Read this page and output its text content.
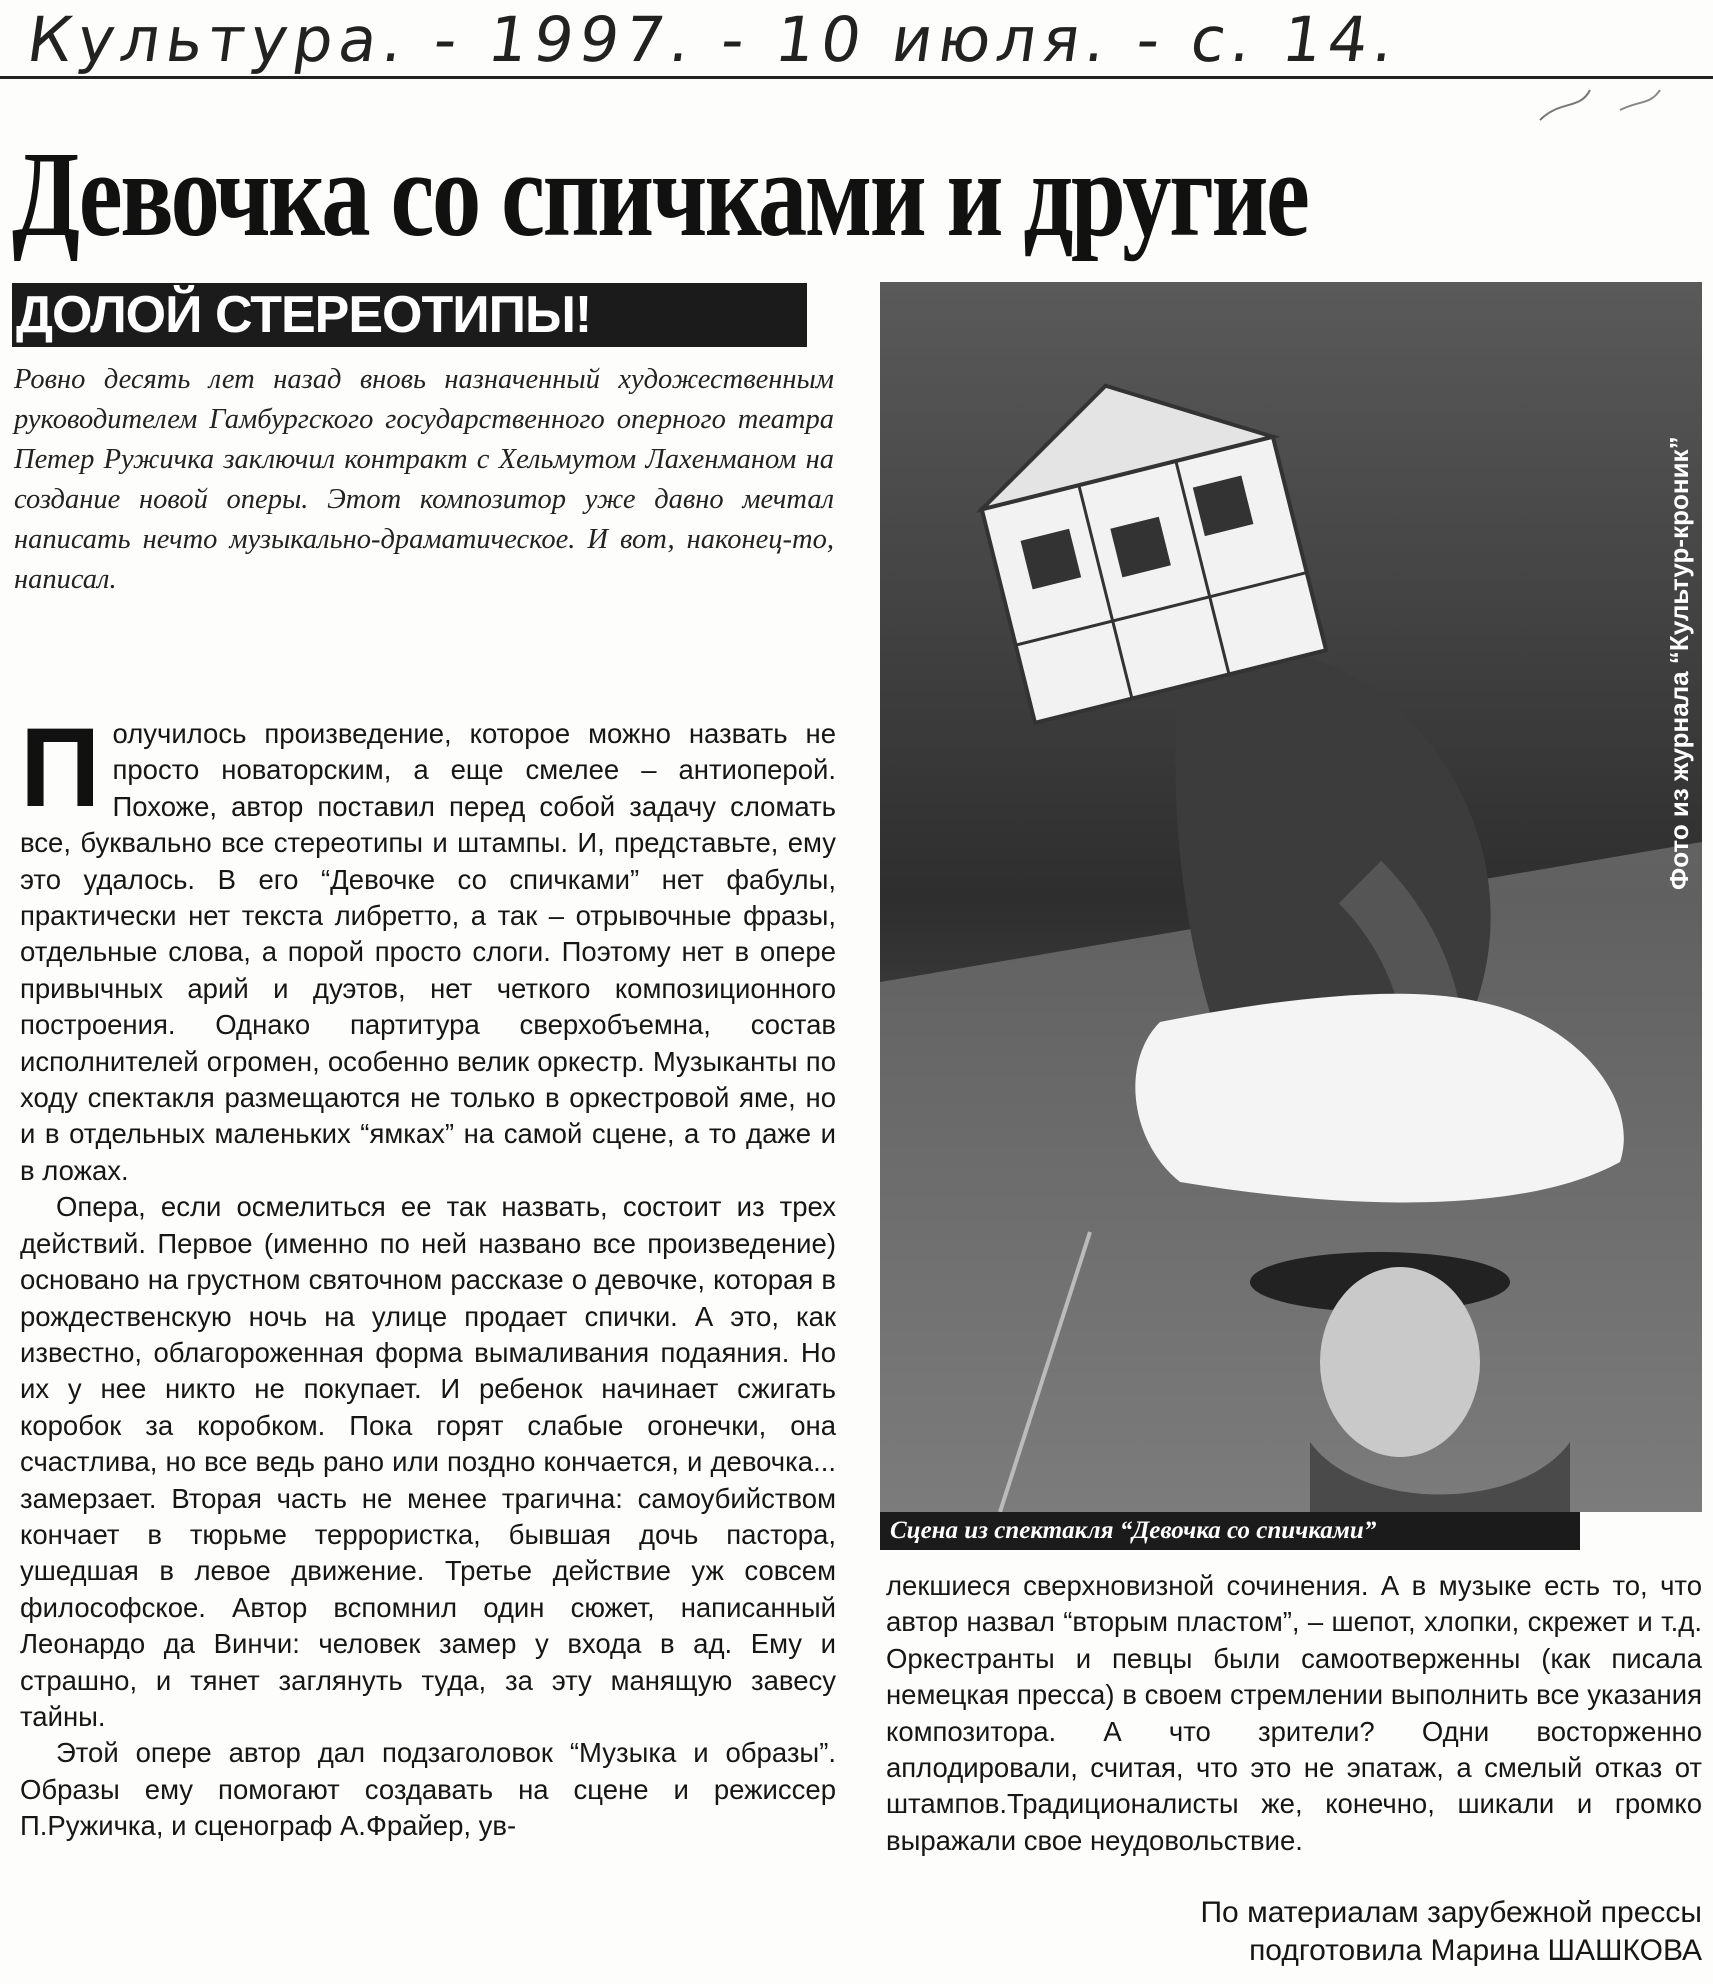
Культура. - 1997. - 10 июля. - с. 14.
Девочка со спичками и другие
ДОЛОЙ СТЕРЕОТИПЫ!
Ровно десять лет назад вновь назначенный художественным руководителем Гамбургского государственного оперного театра Петер Ружичка заключил контракт с Хельмутом Лахенманом на создание новой оперы. Этот композитор уже давно мечтал написать нечто музыкально-драматическое. И вот, наконец-то, написал.

Получилось произведение, которое можно назвать не просто новаторским, а еще смелее – антиоперой. Похоже, автор поставил перед собой задачу сломать все, буквально все стереотипы и штампы. И, представьте, ему это удалось. В его “Девочке со спичками” нет фабулы, практически нет текста либретто, а так – отрывочные фразы, отдельные слова, а порой просто слоги. Поэтому нет в опере привычных арий и дуэтов, нет четкого композиционного построения. Однако партитура сверхобъемна, состав исполнителей огромен, особенно велик оркестр. Музыканты по ходу спектакля размещаются не только в оркестровой яме, но и в отдельных маленьких “ямках” на самой сцене, а то даже и в ложах.

Опера, если осмелиться ее так назвать, состоит из трех действий. Первое (именно по ней названо все произведение) основано на грустном святочном рассказе о девочке, которая в рождественскую ночь на улице продает спички. А это, как известно, облагороженная форма вымаливания подаяния. Но их у нее никто не покупает. И ребенок начинает сжигать коробок за коробком. Пока горят слабые огонечки, она счастлива, но все ведь рано или поздно кончается, и девочка... замерзает. Вторая часть не менее трагична: самоубийством кончает в тюрьме террористка, бывшая дочь пастора, ушедшая в левое движение. Третье действие уж совсем философское. Автор вспомнил один сюжет, написанный Леонардо да Винчи: человек замер у входа в ад. Ему и страшно, и тянет заглянуть туда, за эту манящую завесу тайны.

Этой опере автор дал подзаголовок “Музыка и образы”. Образы ему помогают создавать на сцене и режиссер П.Ружичка, и сценограф А.Фрайер, ув-

Фото из журнала “Культур-кроник”
Сцена из спектакля “Девочка со спичками”

лекшиеся сверхновизной сочинения. А в музыке есть то, что автор назвал “вторым пластом”, – шепот, хлопки, скрежет и т.д. Оркестранты и певцы были самоотверженны (как писала немецкая пресса) в своем стремлении выполнить все указания композитора. А что зрители? Одни восторженно аплодировали, считая, что это не эпатаж, а смелый отказ от штампов.Традиционалисты же, конечно, шикали и громко выражали свое неудовольствие.

По материалам зарубежной прессы
подготовила Марина ШАШКОВА
